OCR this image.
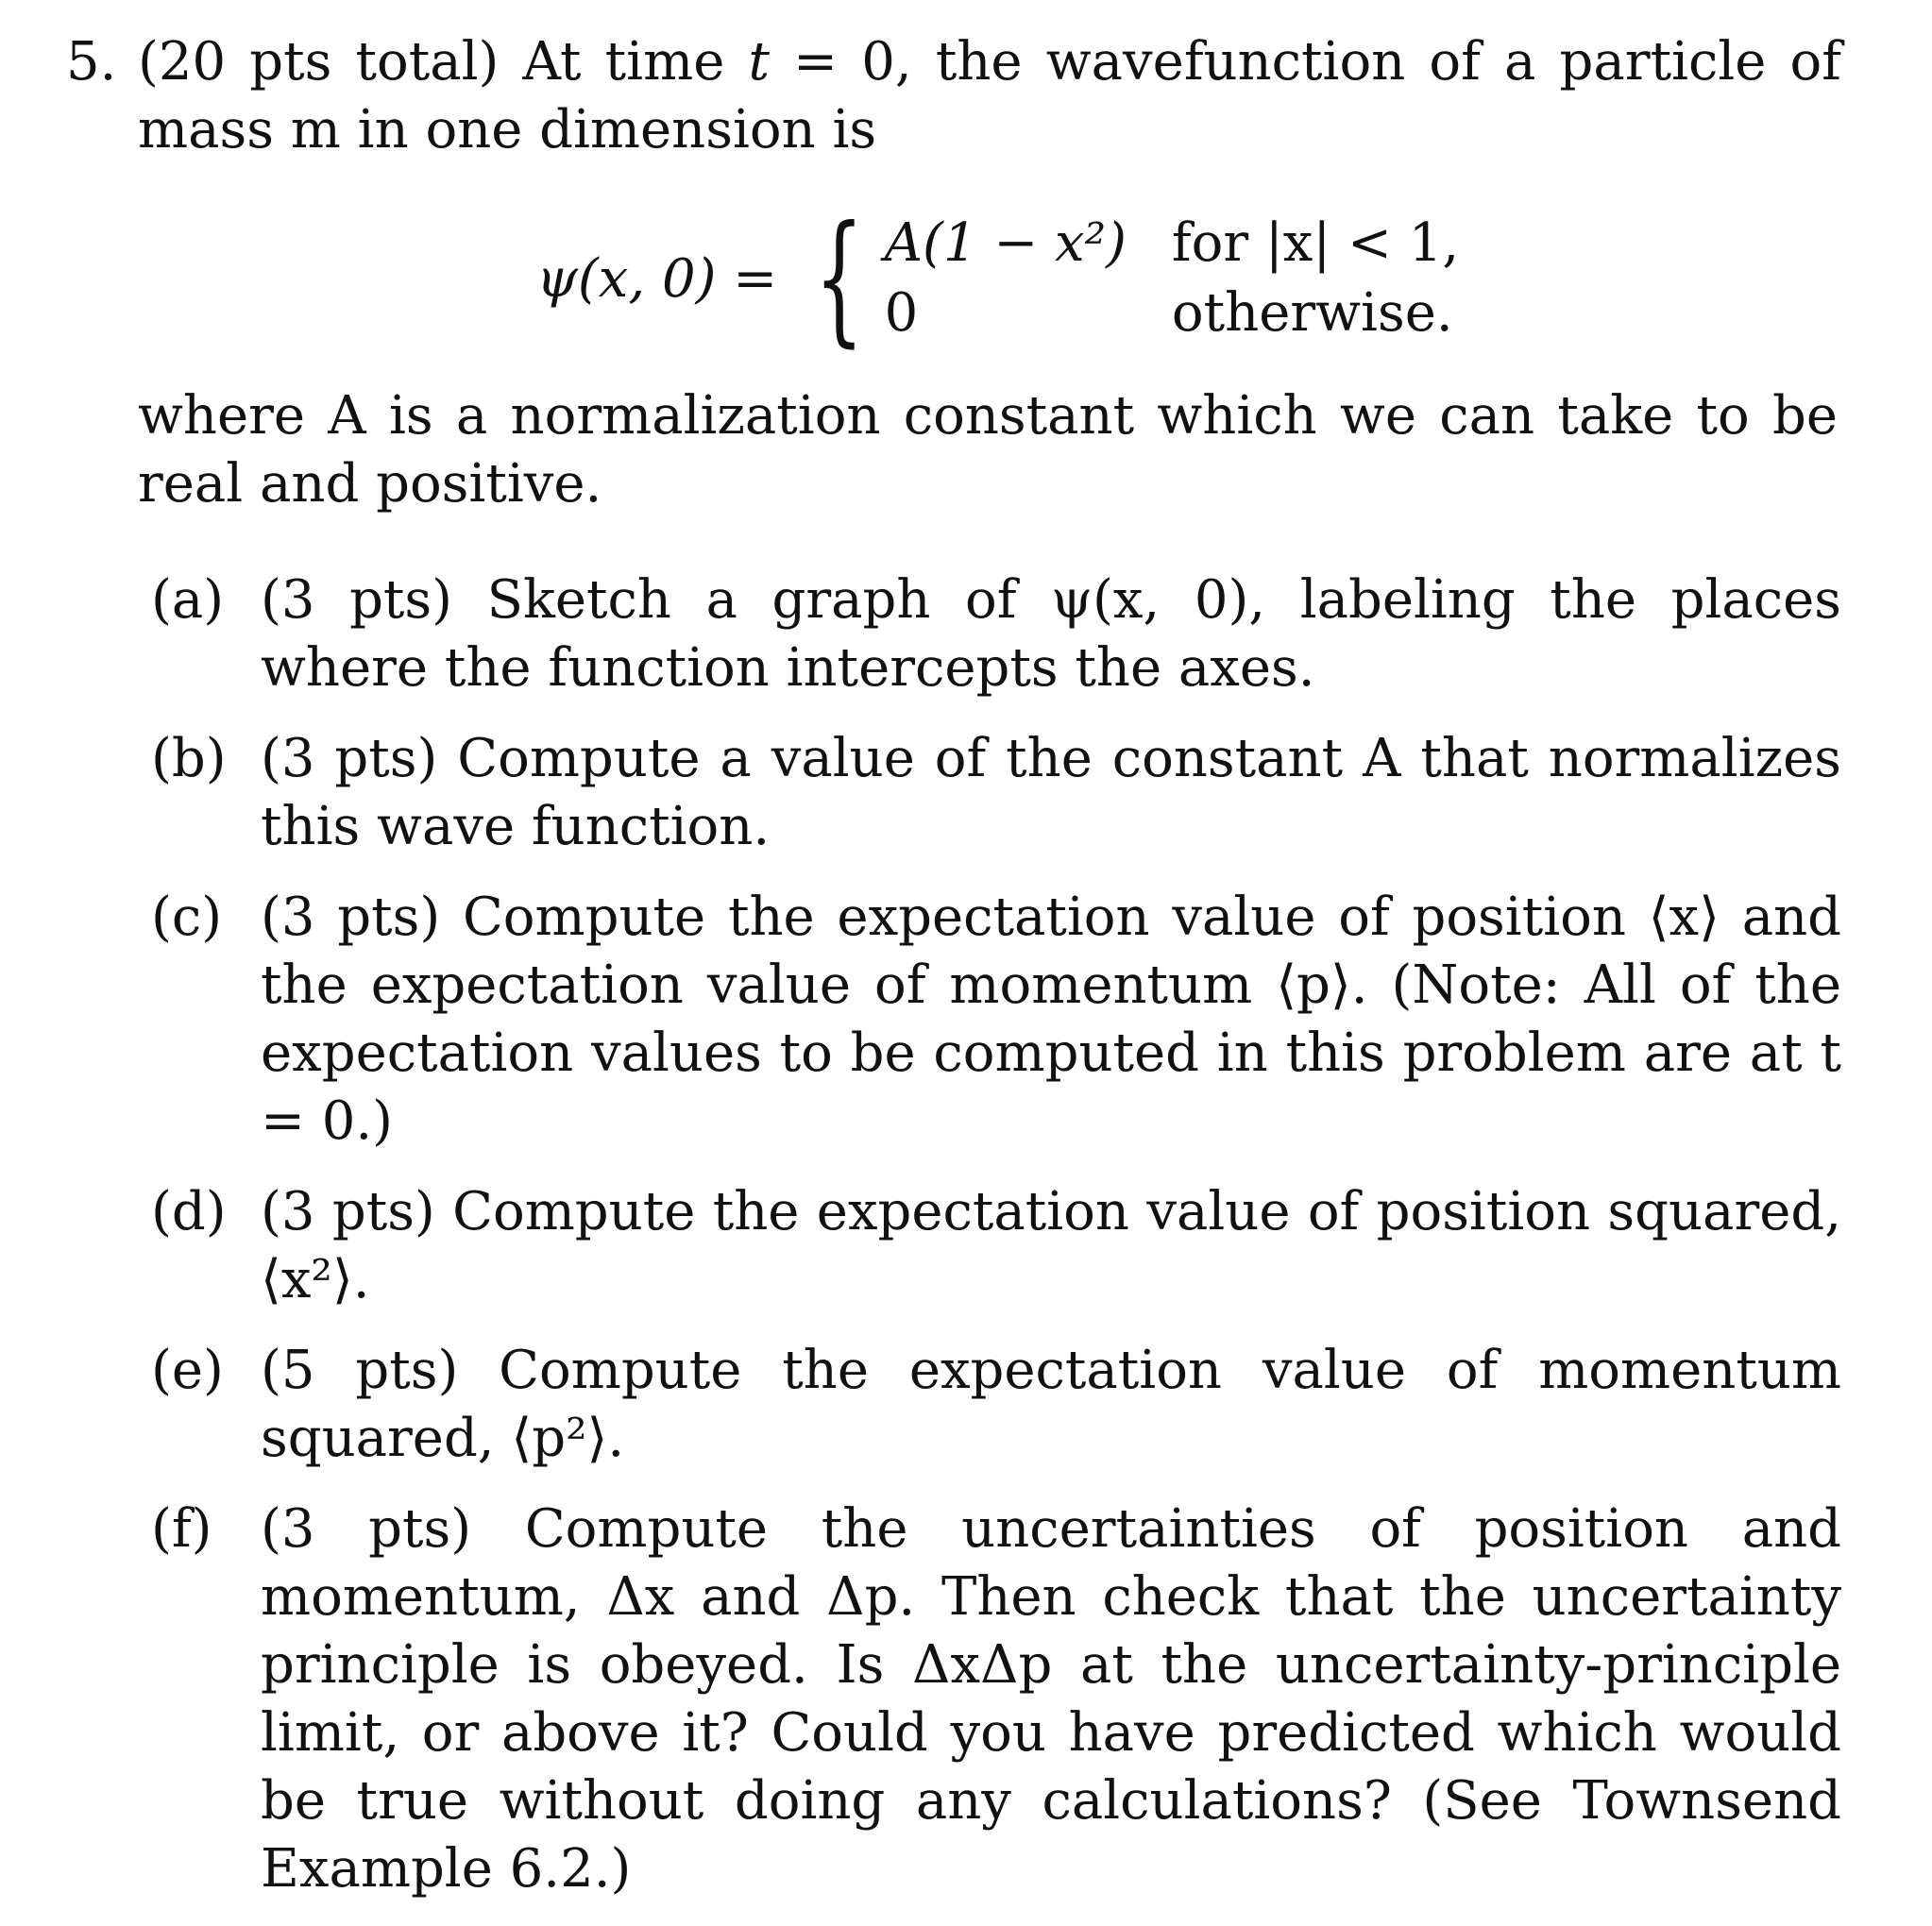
5. (20 pts total) At time t = 0, the wavefunction of a particle of mass m in one dimension is
ψ(x, 0) = { A(1 − x²) for |x| < 1,
0	otherwise.
where A is a normalization constant which we can take to be real and positive.
(a) (3 pts) Sketch a graph of ψ(x, 0), labeling the places where the function intercepts the axes.
(b) (3 pts) Compute a value of the constant A that normalizes this wave function.
(c) (3 pts) Compute the expectation value of position ⟨x⟩ and the expectation value of momentum ⟨p⟩. (Note: All of the expectation values to be computed in this problem are at t = 0.)
(d) (3 pts) Compute the expectation value of position squared, ⟨x²⟩.
(e) (5 pts) Compute the expectation value of momentum squared, ⟨p²⟩.
(f) (3 pts) Compute the uncertainties of position and momentum, Δx and Δp. Then check that the uncertainty principle is obeyed. Is ΔxΔp at the uncertainty-principle limit, or above it? Could you have predicted which would be true without doing any calculations? (See Townsend Example 6.2.)
